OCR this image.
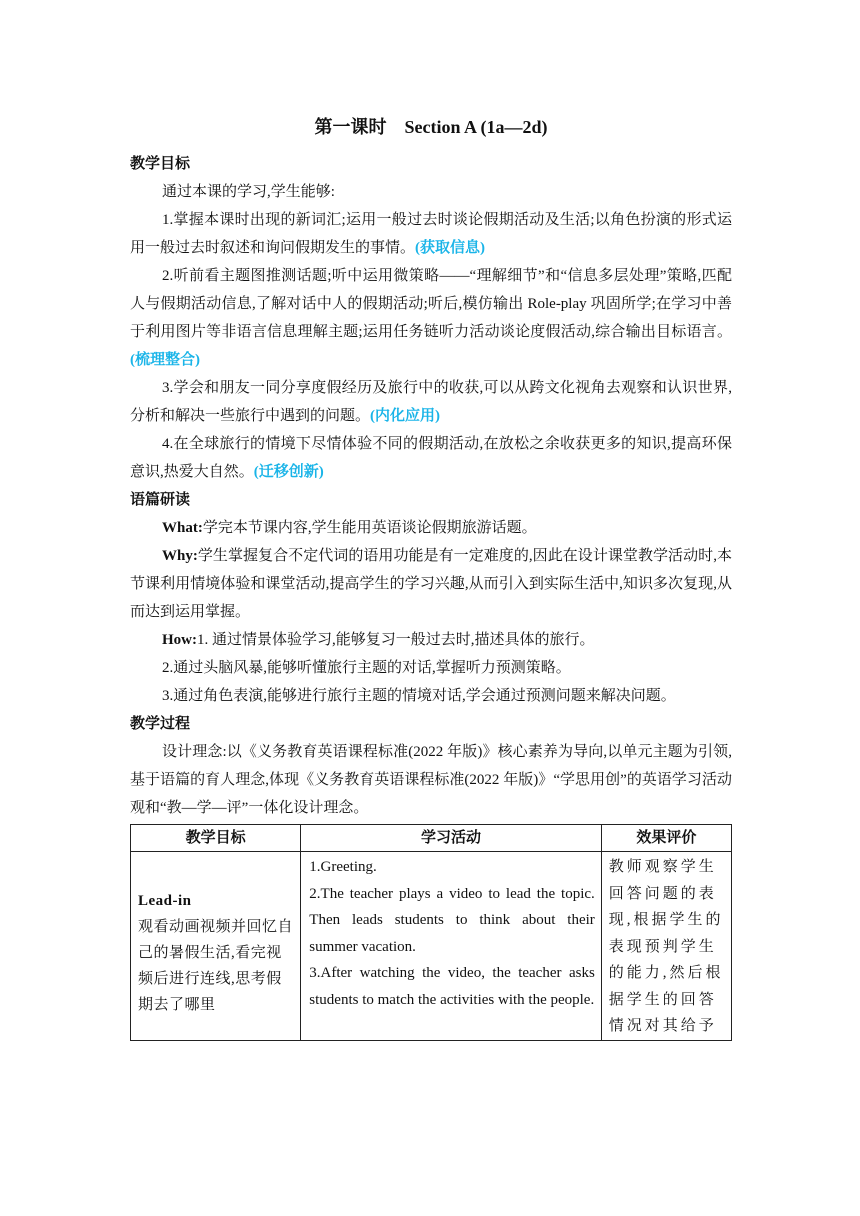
第一课时    Section A (1a—2d)
教学目标

通过本课的学习,学生能够:

1.掌握本课时出现的新词汇;运用一般过去时谈论假期活动及生活;以角色扮演的形式运用一般过去时叙述和询问假期发生的事情。(获取信息)

2.听前看主题图推测话题;听中运用微策略——“理解细节”和“信息多层处理”策略,匹配人与假期活动信息,了解对话中人的假期活动;听后,模仿输出 Role-play 巩固所学;在学习中善于利用图片等非语言信息理解主题;运用任务链听力活动谈论度假活动,综合输出目标语言。(梳理整合)

3.学会和朋友一同分享度假经历及旅行中的收获,可以从跨文化视角去观察和认识世界,分析和解决一些旅行中遇到的问题。(内化应用)

4.在全球旅行的情境下尽情体验不同的假期活动,在放松之余收获更多的知识,提高环保意识,热爱大自然。(迁移创新)

语篇研读

What:学完本节课内容,学生能用英语谈论假期旅游话题。

Why:学生掌握复合不定代词的语用功能是有一定难度的,因此在设计课堂教学活动时,本节课利用情境体验和课堂活动,提高学生的学习兴趣,从而引入到实际生活中,知识多次复现,从而达到运用掌握。

How:1. 通过情景体验学习,能够复习一般过去时,描述具体的旅行。

2.通过头脑风暴,能够听懂旅行主题的对话,掌握听力预测策略。

3.通过角色表演,能够进行旅行主题的情境对话,学会通过预测问题来解决问题。

教学过程

设计理念:以《义务教育英语课程标准(2022 年版)》核心素养为导向,以单元主题为引领,基于语篇的育人理念,体现《义务教育英语课程标准(2022 年版)》“学思用创”的英语学习活动观和“教—学—评”一体化设计理念。

教学目标	学习活动	效果评价

Lead-in
观看动画视频并回忆自己的暑假生活,看完视频后进行连线,思考假期去了哪里	1.Greeting.
2.The teacher plays a video to lead the topic. Then leads students to think about their summer vacation.
3.After watching the video, the teacher asks students to match the activities with the people.	教师观察学生回答问题的表现,根据学生的表现预判学生的能力,然后根据学生的回答情况对其给予
